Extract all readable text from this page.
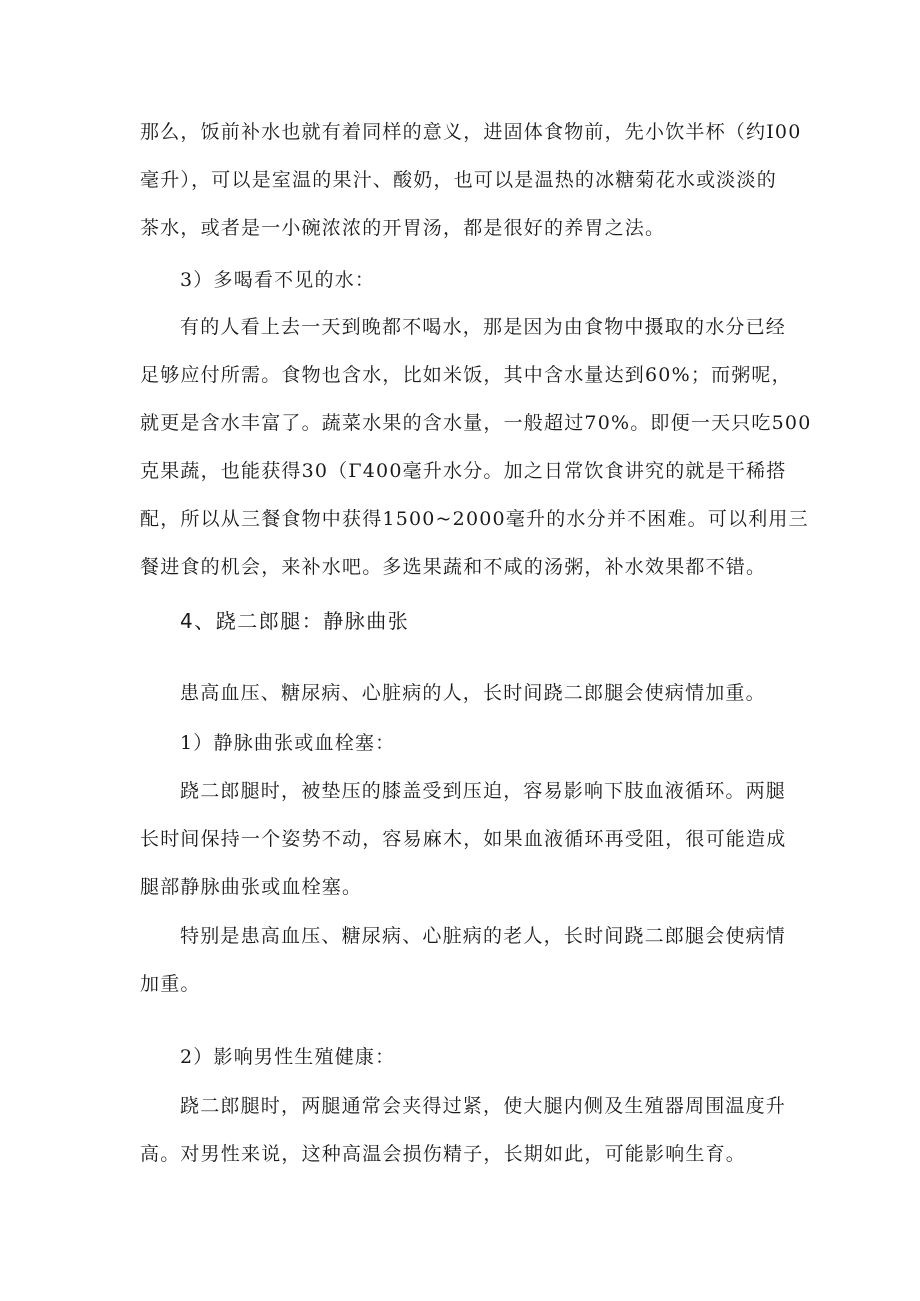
那么，饭前补水也就有着同样的意义，进固体食物前，先小饮半杯（约I00
毫升），可以是室温的果汁、酸奶，也可以是温热的冰糖菊花水或淡淡的
茶水，或者是一小碗浓浓的开胃汤，都是很好的养胃之法。
3）多喝看不见的水：
有的人看上去一天到晚都不喝水，那是因为由食物中摄取的水分已经
足够应付所需。食物也含水，比如米饭，其中含水量达到60%；而粥呢，
就更是含水丰富了。蔬菜水果的含水量，一般超过70%。即便一天只吃500
克果蔬，也能获得30（Γ400毫升水分。加之日常饮食讲究的就是干稀搭
配，所以从三餐食物中获得1500~2000毫升的水分并不困难。可以利用三
餐进食的机会，来补水吧。多选果蔬和不咸的汤粥，补水效果都不错。
4、跷二郎腿：静脉曲张
患高血压、糖尿病、心脏病的人，长时间跷二郎腿会使病情加重。
1）静脉曲张或血栓塞：
跷二郎腿时，被垫压的膝盖受到压迫，容易影响下肢血液循环。两腿
长时间保持一个姿势不动，容易麻木，如果血液循环再受阻，很可能造成
腿部静脉曲张或血栓塞。
特别是患高血压、糖尿病、心脏病的老人，长时间跷二郎腿会使病情
加重。
2）影响男性生殖健康：
跷二郎腿时，两腿通常会夹得过紧，使大腿内侧及生殖器周围温度升
高。对男性来说，这种高温会损伤精子，长期如此，可能影响生育。
